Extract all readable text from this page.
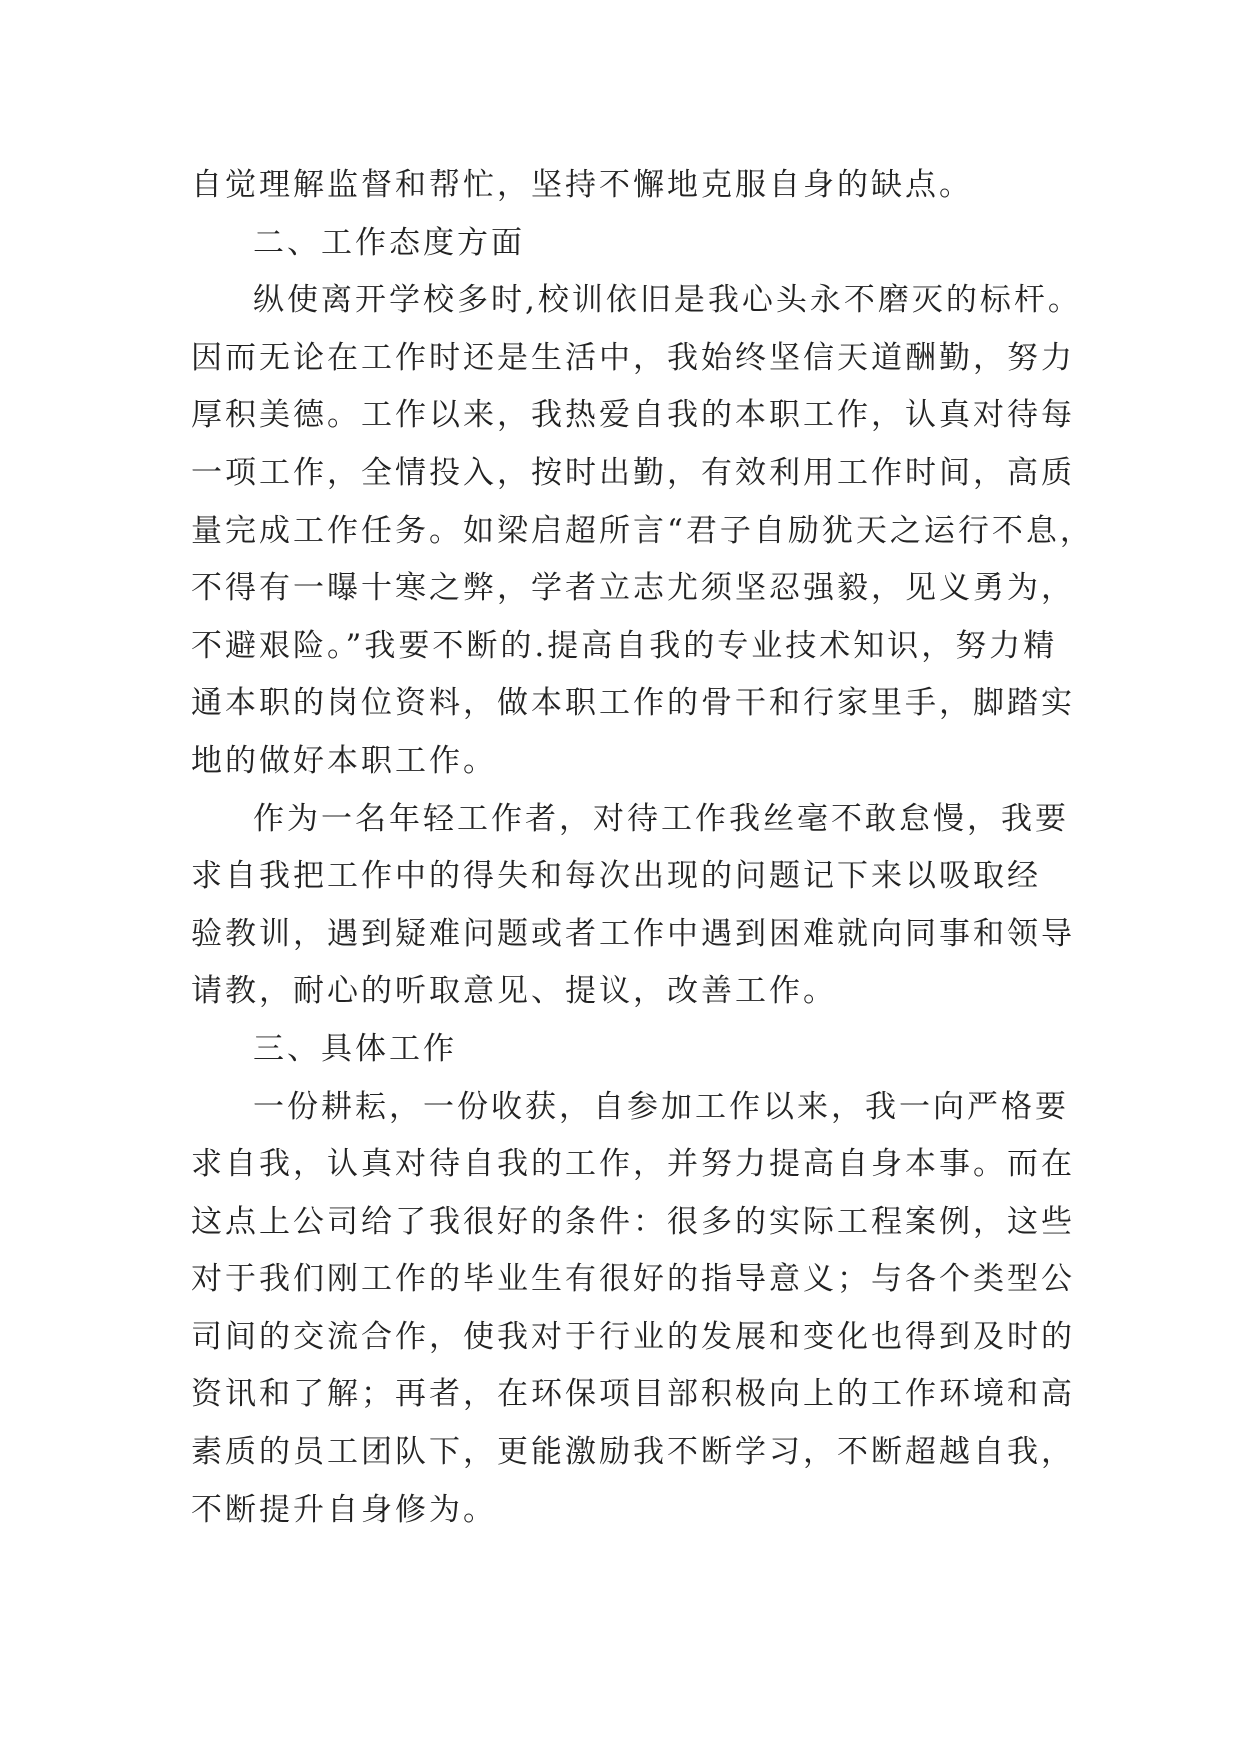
自觉理解监督和帮忙，坚持不懈地克服自身的缺点。
二、工作态度方面
纵使离开学校多时,校训依旧是我心头永不磨灭的标杆。
因而无论在工作时还是生活中，我始终坚信天道酬勤，努力
厚积美德。工作以来，我热爱自我的本职工作，认真对待每
一项工作，全情投入，按时出勤，有效利用工作时间，高质
量完成工作任务。如梁启超所言“君子自励犹天之运行不息，
不得有一曝十寒之弊，学者立志尤须坚忍强毅，见义勇为，
不避艰险。”我要不断的.提高自我的专业技术知识，努力精
通本职的岗位资料，做本职工作的骨干和行家里手，脚踏实
地的做好本职工作。
作为一名年轻工作者，对待工作我丝毫不敢怠慢，我要
求自我把工作中的得失和每次出现的问题记下来以吸取经
验教训，遇到疑难问题或者工作中遇到困难就向同事和领导
请教，耐心的听取意见、提议，改善工作。
三、具体工作
一份耕耘，一份收获，自参加工作以来，我一向严格要
求自我，认真对待自我的工作，并努力提高自身本事。而在
这点上公司给了我很好的条件：很多的实际工程案例，这些
对于我们刚工作的毕业生有很好的指导意义；与各个类型公
司间的交流合作，使我对于行业的发展和变化也得到及时的
资讯和了解；再者，在环保项目部积极向上的工作环境和高
素质的员工团队下，更能激励我不断学习，不断超越自我，
不断提升自身修为。
